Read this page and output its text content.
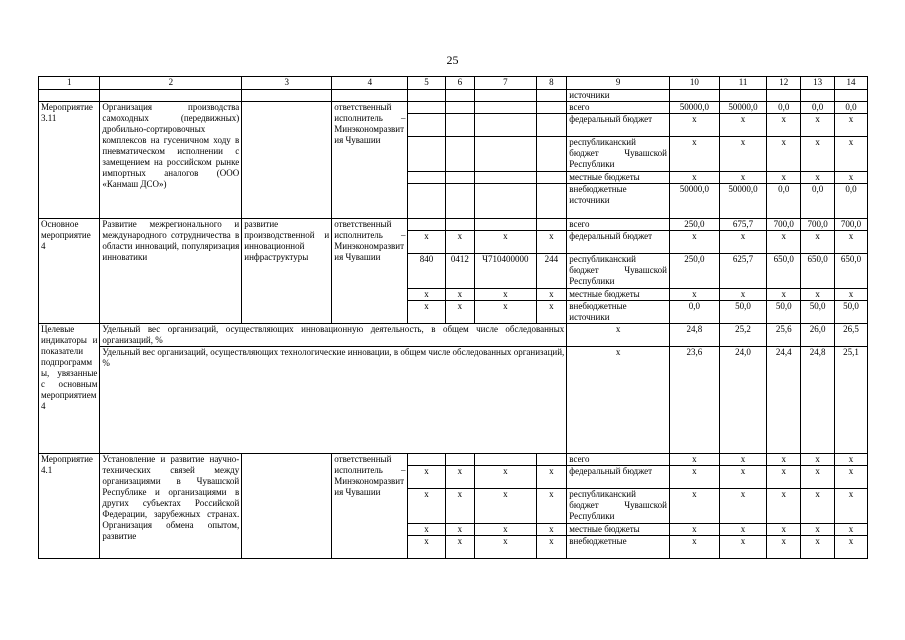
25
1	2	3	4	5	6	7	8	9	10	11	12	13	14
								источники					
Мероприятие 3.11	Организация производства самоходных (передвижных) дробильно-сортировочных комплексов на гусеничном ходу в пневматическом исполнении с замещением на российском рынке импортных аналогов (ООО «Канмаш ДСО»)		ответственный исполнитель – Минэкономразвития Чувашии					всего	50000,0	50000,0	0,0	0,0	0,0
								федеральный бюджет	x	x	x	x	x
								республиканский бюджет Чувашской Республики	x	x	x	x	x
								местные бюджеты	x	x	x	x	x
								внебюджетные источники	50000,0	50000,0	0,0	0,0	0,0
Основное мероприятие 4	Развитие межрегионального и международного сотрудничества в области инноваций, популяризация инноватики	развитие производственной и инновационной инфраструктуры	ответственный исполнитель – Минэкономразвития Чувашии					всего	250,0	675,7	700,0	700,0	700,0
				x	x	x	x	федеральный бюджет	x	x	x	x	x
				840	0412	Ч710400000	244	республиканский бюджет Чувашской Республики	250,0	625,7	650,0	650,0	650,0
				x	x	x	x	местные бюджеты	x	x	x	x	x
				x	x	x	x	внебюджетные источники	0,0	50,0	50,0	50,0	50,0
Целевые индикаторы и показатели подпрограммы, увязанные с основным мероприятием 4	Удельный вес организаций, осуществляющих инновационную деятельность, в общем числе обследованных организаций, %							x	24,8	25,2	25,6	26,0	26,5
	Удельный вес организаций, осуществляющих технологические инновации, в общем числе обследованных организаций, %							x	23,6	24,0	24,4	24,8	25,1
Мероприятие 4.1	Установление и развитие научно-технических связей между организациями в Чувашской Республике и организациями в других субъектах Российской Федерации, зарубежных странах. Организация обмена опытом, развитие		ответственный исполнитель – Минэкономразвития Чувашии					всего	x	x	x	x	x
				x	x	x	x	федеральный бюджет	x	x	x	x	x
				x	x	x	x	республиканский бюджет Чувашской Республики	x	x	x	x	x
				x	x	x	x	местные бюджеты	x	x	x	x	x
				x	x	x	x	внебюджетные	x	x	x	x	x
